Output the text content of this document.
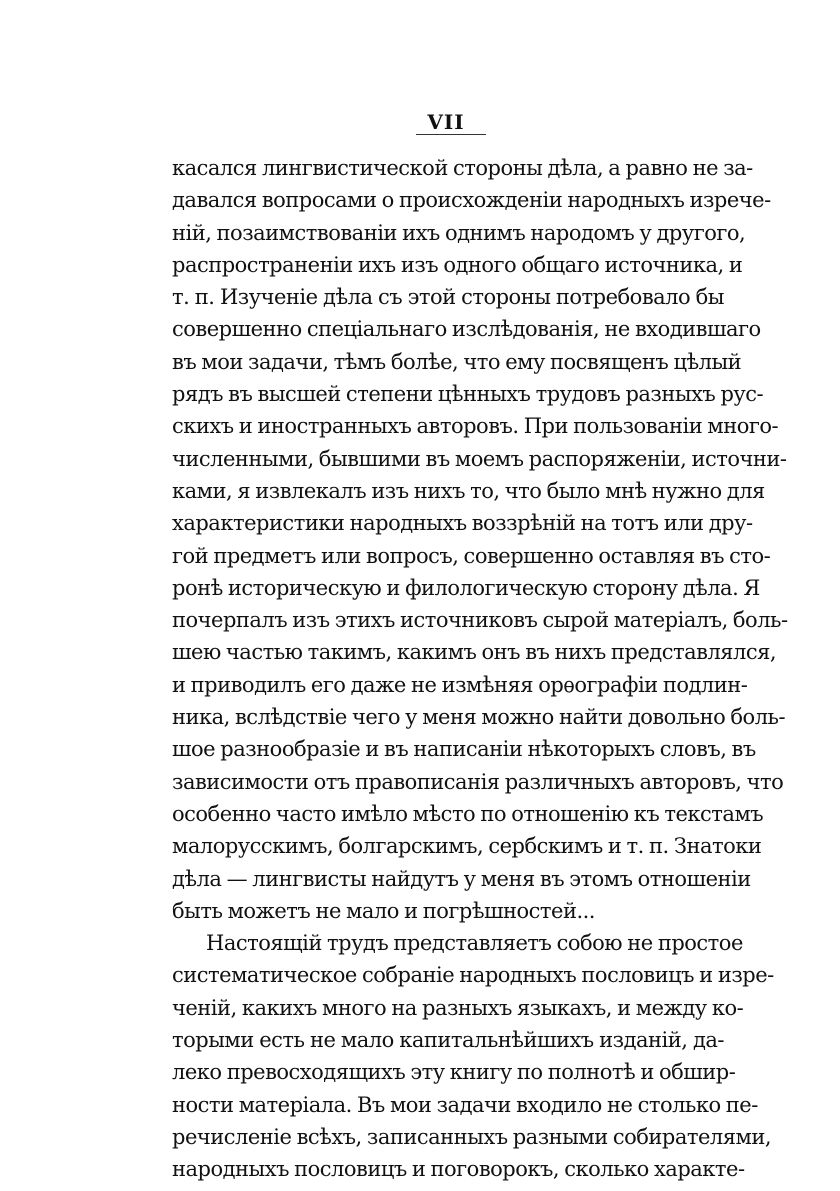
VII
касался лингвистической стороны дѣла, а равно не за-
давался вопросами о происхожденіи народныхъ изрече-
ній, позаимствованіи ихъ однимъ народомъ у другого,
распространеніи ихъ изъ одного общаго источника, и
т. п. Изученіе дѣла съ этой стороны потребовало бы
совершенно спеціальнаго изслѣдованія, не входившаго
въ мои задачи, тѣмъ болѣе, что ему посвященъ цѣлый
рядъ въ высшей степени цѣнныхъ трудовъ разныхъ рус-
скихъ и иностранныхъ авторовъ. При пользованіи много-
численными, бывшими въ моемъ распоряженіи, источни-
ками, я извлекалъ изъ нихъ то, что было мнѣ нужно для
характеристики народныхъ воззрѣній на тотъ или дру-
гой предметъ или вопросъ, совершенно оставляя въ сто-
ронѣ историческую и филологическую сторону дѣла. Я
почерпалъ изъ этихъ источниковъ сырой матеріалъ, боль-
шею частью такимъ, какимъ онъ въ нихъ представлялся,
и приводилъ его даже не измѣняя орѳографіи подлин-
ника, вслѣдствіе чего у меня можно найти довольно боль-
шое разнообразіе и въ написаніи нѣкоторыхъ словъ, въ
зависимости отъ правописанія различныхъ авторовъ, что
особенно часто имѣло мѣсто по отношенію къ текстамъ
малорусскимъ, болгарскимъ, сербскимъ и т. п. Знатоки
дѣла — лингвисты найдутъ у меня въ этомъ отношеніи
быть можетъ не мало и погрѣшностей...
Настоящій трудъ представляетъ собою не простое
систематическое собраніе народныхъ пословицъ и изре-
ченій, какихъ много на разныхъ языкахъ, и между ко-
торыми есть не мало капитальнѣйшихъ изданій, да-
леко превосходящихъ эту книгу по полнотѣ и обшир-
ности матеріала. Въ мои задачи входило не столько пе-
речисленіе всѣхъ, записанныхъ разными собирателями,
народныхъ пословицъ и поговорокъ, сколько характе-
